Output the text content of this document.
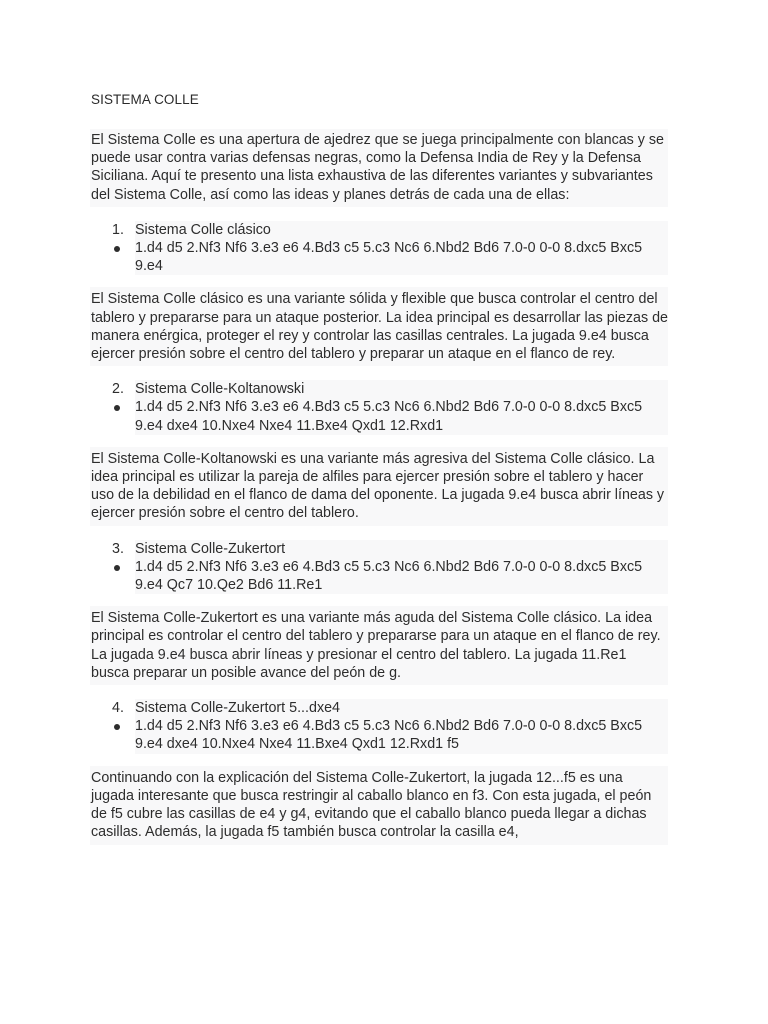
SISTEMA COLLE

El Sistema Colle es una apertura de ajedrez que se juega principalmente con blancas y se puede usar contra varias defensas negras, como la Defensa India de Rey y la Defensa Siciliana. Aquí te presento una lista exhaustiva de las diferentes variantes y subvariantes del Sistema Colle, así como las ideas y planes detrás de cada una de ellas:

1. Sistema Colle clásico
1.d4 d5 2.Nf3 Nf6 3.e3 e6 4.Bd3 c5 5.c3 Nc6 6.Nbd2 Bd6 7.0-0 0-0 8.dxc5 Bxc5 9.e4

El Sistema Colle clásico es una variante sólida y flexible que busca controlar el centro del tablero y prepararse para un ataque posterior. La idea principal es desarrollar las piezas de manera enérgica, proteger el rey y controlar las casillas centrales. La jugada 9.e4 busca ejercer presión sobre el centro del tablero y preparar un ataque en el flanco de rey.

2. Sistema Colle-Koltanowski
1.d4 d5 2.Nf3 Nf6 3.e3 e6 4.Bd3 c5 5.c3 Nc6 6.Nbd2 Bd6 7.0-0 0-0 8.dxc5 Bxc5 9.e4 dxe4 10.Nxe4 Nxe4 11.Bxe4 Qxd1 12.Rxd1

El Sistema Colle-Koltanowski es una variante más agresiva del Sistema Colle clásico. La idea principal es utilizar la pareja de alfiles para ejercer presión sobre el tablero y hacer uso de la debilidad en el flanco de dama del oponente. La jugada 9.e4 busca abrir líneas y ejercer presión sobre el centro del tablero.

3. Sistema Colle-Zukertort
1.d4 d5 2.Nf3 Nf6 3.e3 e6 4.Bd3 c5 5.c3 Nc6 6.Nbd2 Bd6 7.0-0 0-0 8.dxc5 Bxc5 9.e4 Qc7 10.Qe2 Bd6 11.Re1

El Sistema Colle-Zukertort es una variante más aguda del Sistema Colle clásico. La idea principal es controlar el centro del tablero y prepararse para un ataque en el flanco de rey. La jugada 9.e4 busca abrir líneas y presionar el centro del tablero. La jugada 11.Re1 busca preparar un posible avance del peón de g.

4. Sistema Colle-Zukertort 5...dxe4
1.d4 d5 2.Nf3 Nf6 3.e3 e6 4.Bd3 c5 5.c3 Nc6 6.Nbd2 Bd6 7.0-0 0-0 8.dxc5 Bxc5 9.e4 dxe4 10.Nxe4 Nxe4 11.Bxe4 Qxd1 12.Rxd1 f5

Continuando con la explicación del Sistema Colle-Zukertort, la jugada 12...f5 es una jugada interesante que busca restringir al caballo blanco en f3. Con esta jugada, el peón de f5 cubre las casillas de e4 y g4, evitando que el caballo blanco pueda llegar a dichas casillas. Además, la jugada f5 también busca controlar la casilla e4,
